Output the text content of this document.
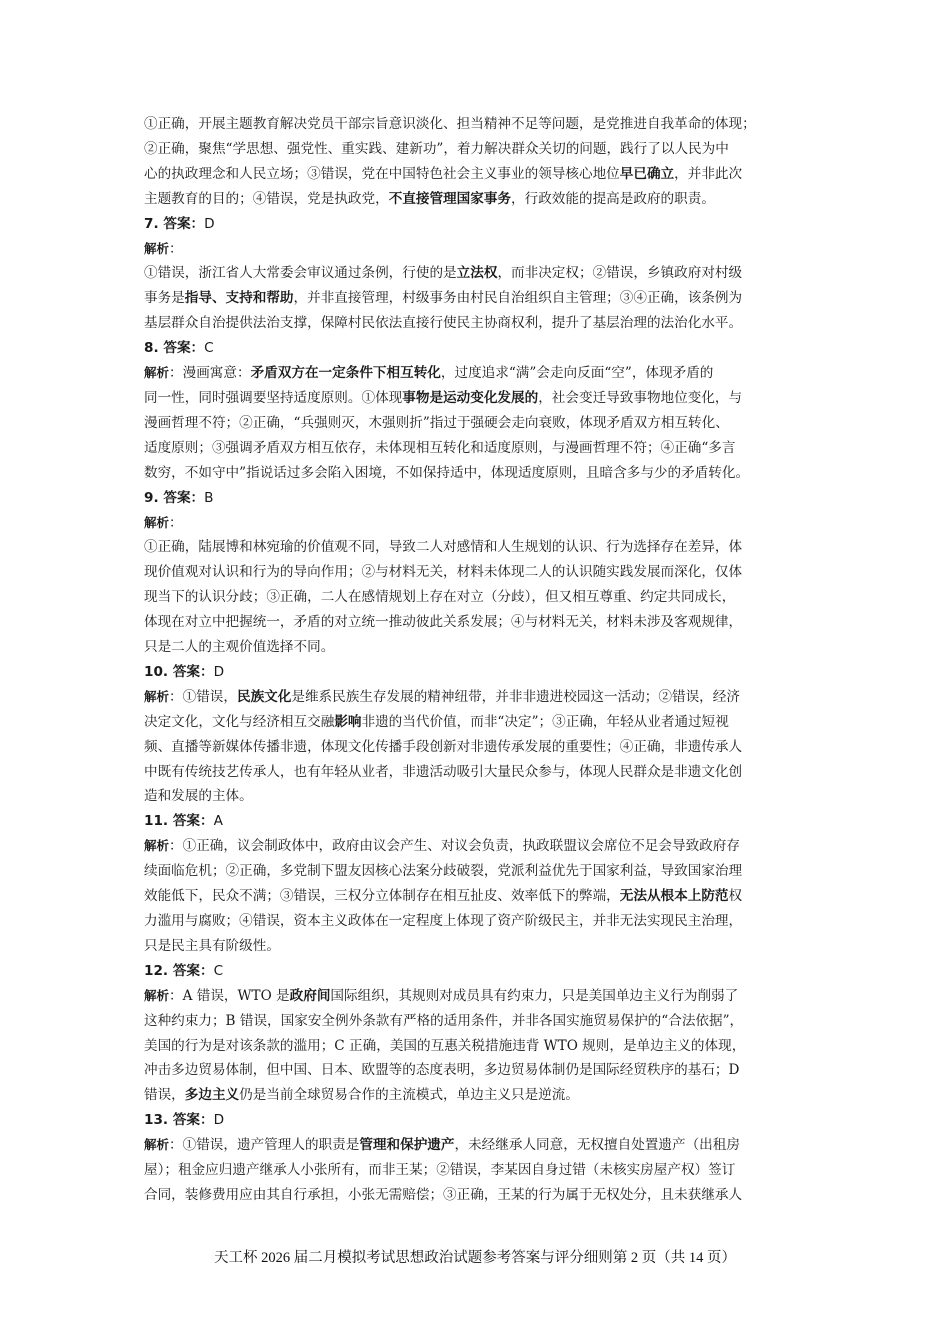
①正确，开展主题教育解决党员干部宗旨意识淡化、担当精神不足等问题，是党推进自我革命的体现；
②正确，聚焦“学思想、强党性、重实践、建新功”，着力解决群众关切的问题，践行了以人民为中
心的执政理念和人民立场；③错误，党在中国特色社会主义事业的领导核心地位早已确立，并非此次
主题教育的目的；④错误，党是执政党，不直接管理国家事务，行政效能的提高是政府的职责。
7. 答案：D
解析：
①错误，浙江省人大常委会审议通过条例，行使的是立法权，而非决定权；②错误，乡镇政府对村级
事务是指导、支持和帮助，并非直接管理，村级事务由村民自治组织自主管理；③④正确，该条例为
基层群众自治提供法治支撑，保障村民依法直接行使民主协商权利，提升了基层治理的法治化水平。
8. 答案：C
解析：漫画寓意：矛盾双方在一定条件下相互转化，过度追求“满”会走向反面“空”，体现矛盾的
同一性，同时强调要坚持适度原则。①体现事物是运动变化发展的，社会变迁导致事物地位变化，与
漫画哲理不符；②正确，“兵强则灭，木强则折”指过于强硬会走向衰败，体现矛盾双方相互转化、
适度原则；③强调矛盾双方相互依存，未体现相互转化和适度原则，与漫画哲理不符；④正确“多言
数穷，不如守中”指说话过多会陷入困境，不如保持适中，体现适度原则，且暗含多与少的矛盾转化。
9. 答案：B
解析：
①正确，陆展博和林宛瑜的价值观不同，导致二人对感情和人生规划的认识、行为选择存在差异，体
现价值观对认识和行为的导向作用；②与材料无关，材料未体现二人的认识随实践发展而深化，仅体
现当下的认识分歧；③正确，二人在感情规划上存在对立（分歧），但又相互尊重、约定共同成长，
体现在对立中把握统一，矛盾的对立统一推动彼此关系发展；④与材料无关，材料未涉及客观规律，
只是二人的主观价值选择不同。
10. 答案：D
解析：①错误，民族文化是维系民族生存发展的精神纽带，并非非遗进校园这一活动；②错误，经济
决定文化，文化与经济相互交融影响非遗的当代价值，而非“决定”；③正确，年轻从业者通过短视
频、直播等新媒体传播非遗，体现文化传播手段创新对非遗传承发展的重要性；④正确，非遗传承人
中既有传统技艺传承人，也有年轻从业者，非遗活动吸引大量民众参与，体现人民群众是非遗文化创
造和发展的主体。
11. 答案：A
解析：①正确，议会制政体中，政府由议会产生、对议会负责，执政联盟议会席位不足会导致政府存
续面临危机；②正确，多党制下盟友因核心法案分歧破裂，党派利益优先于国家利益，导致国家治理
效能低下，民众不满；③错误，三权分立体制存在相互扯皮、效率低下的弊端，无法从根本上防范权
力滥用与腐败；④错误，资本主义政体在一定程度上体现了资产阶级民主，并非无法实现民主治理，
只是民主具有阶级性。
12. 答案：C
解析：A 错误，WTO 是政府间国际组织，其规则对成员具有约束力，只是美国单边主义行为削弱了
这种约束力；B 错误，国家安全例外条款有严格的适用条件，并非各国实施贸易保护的“合法依据”，
美国的行为是对该条款的滥用；C 正确，美国的互惠关税措施违背 WTO 规则，是单边主义的体现，
冲击多边贸易体制，但中国、日本、欧盟等的态度表明，多边贸易体制仍是国际经贸秩序的基石；D
错误，多边主义仍是当前全球贸易合作的主流模式，单边主义只是逆流。
13. 答案：D
解析：①错误，遗产管理人的职责是管理和保护遗产，未经继承人同意，无权擅自处置遗产（出租房
屋）；租金应归遗产继承人小张所有，而非王某；②错误，李某因自身过错（未核实房屋产权）签订
合同，装修费用应由其自行承担，小张无需赔偿；③正确，王某的行为属于无权处分，且未获继承人
天工杯 2026 届二月模拟考试思想政治试题参考答案与评分细则第 2 页（共 14 页）
